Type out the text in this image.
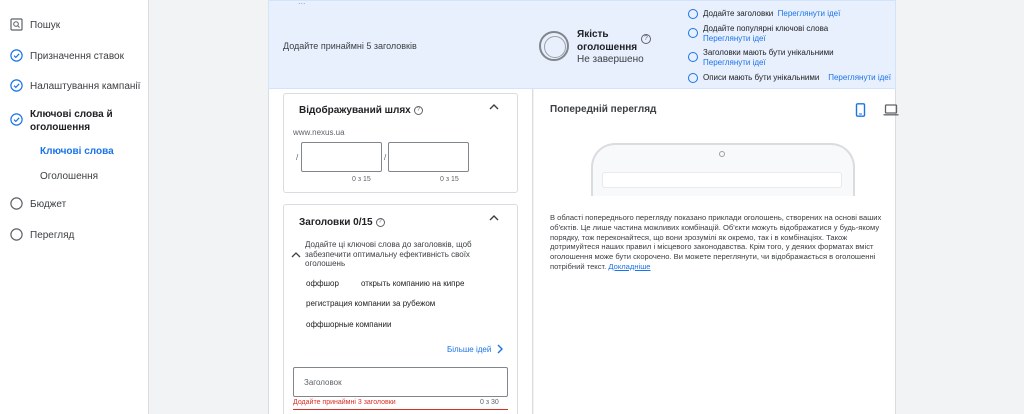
Пошук
Призначення ставок
Налаштування кампанії
Ключові слова й оголошення
Ключові слова
Оголошення
Бюджет
Перегляд
...
Додайте принаймні 5 заголовків
Якість оголошення
?
Не завершено
Додайте заголовки Переглянути ідеї
Додайте популярні ключові слова
Переглянути ідеї
Заголовки мають бути унікальними
Переглянути ідеї
Описи мають бути унікальними Переглянути ідеї
Відображуваний шлях ?
www.nexus.ua
/	/
0 з 15	0 з 15
Заголовки 0/15 ?
Додайте ці ключові слова до заголовків, щоб забезпечити оптимальну ефективність своїх оголошень
оффшор	открыть компанию на кипре
регистрация компании за рубежом
оффшорные компании
Більше ідей
Заголовок
Додайте принаймні 3 заголовки	0 з 30
Попередній перегляд
В області попереднього перегляду показано приклади оголошень, створених на основі ваших об'єктів. Це лише частина можливих комбінацій. Об'єкти можуть відображатися у будь-якому порядку, тож переконайтеся, що вони зрозумілі як окремо, так і в комбінаціях. Також дотримуйтеся наших правил і місцевого законодавства. Крім того, у деяких форматах вміст оголошення може бути скорочено. Ви можете переглянути, чи відображається в оголошенні потрібний текст. Докладніше
